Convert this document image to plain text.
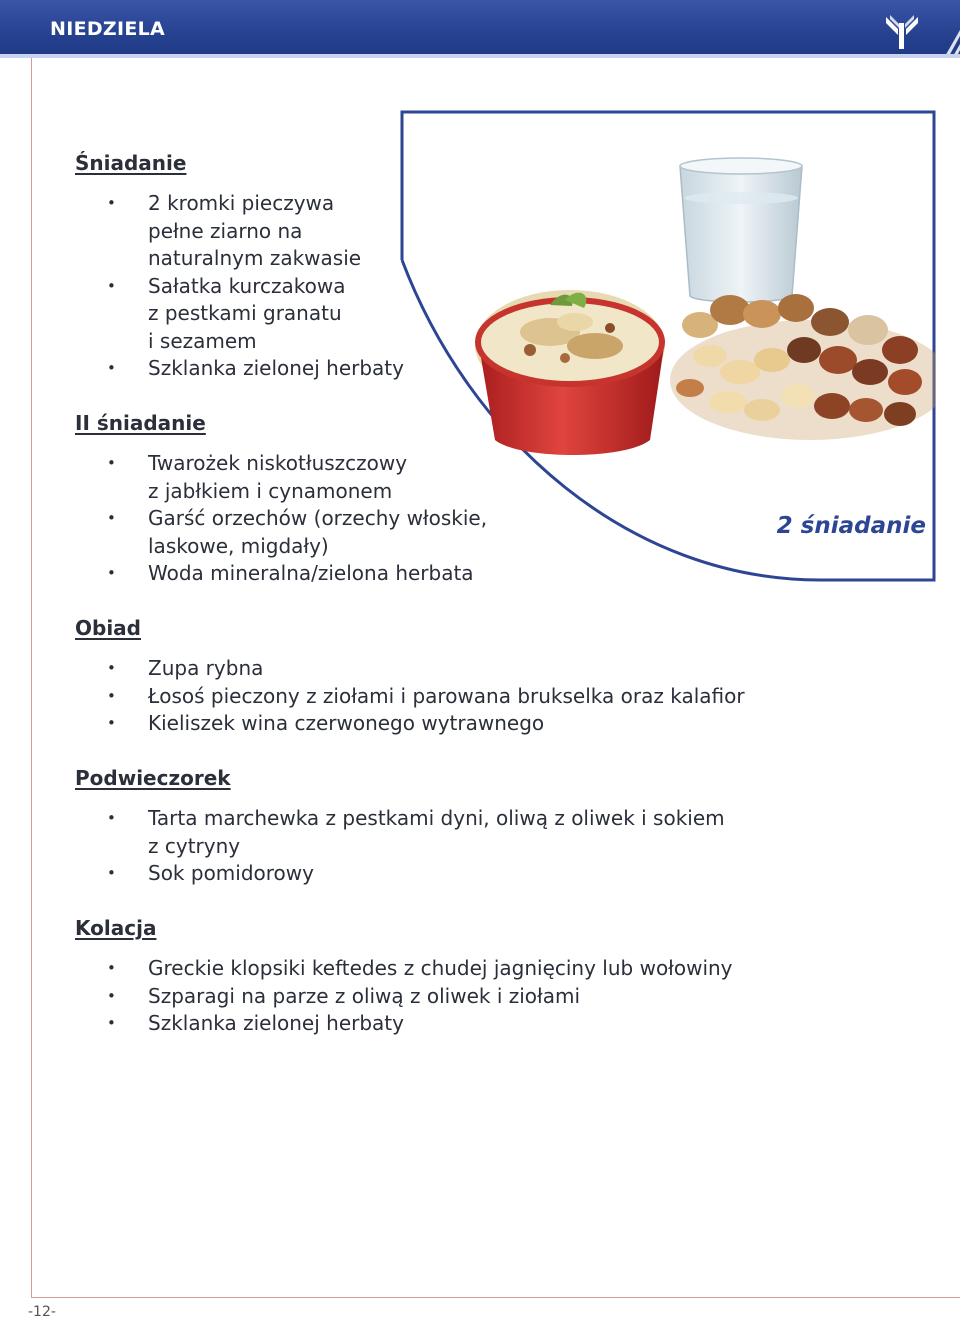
NIEDZIELA
2 śniadanie
Śniadanie
• 2 kromki pieczywa
pełne ziarno na
naturalnym zakwasie
• Sałatka kurczakowa
z pestkami granatu
i sezamem
• Szklanka zielonej herbaty
II śniadanie
• Twarożek niskotłuszczowy
z jabłkiem i cynamonem
• Garść orzechów (orzechy włoskie,
laskowe, migdały)
• Woda mineralna/zielona herbata
Obiad
• Zupa rybna
• Łosoś pieczony z ziołami i parowana brukselka oraz kalafior
• Kieliszek wina czerwonego wytrawnego
Podwieczorek
• Tarta marchewka z pestkami dyni, oliwą z oliwek i sokiem
z cytryny
• Sok pomidorowy
Kolacja
• Greckie klopsiki keftedes z chudej jagnięciny lub wołowiny
• Szparagi na parze z oliwą z oliwek i ziołami
• Szklanka zielonej herbaty
-12-
